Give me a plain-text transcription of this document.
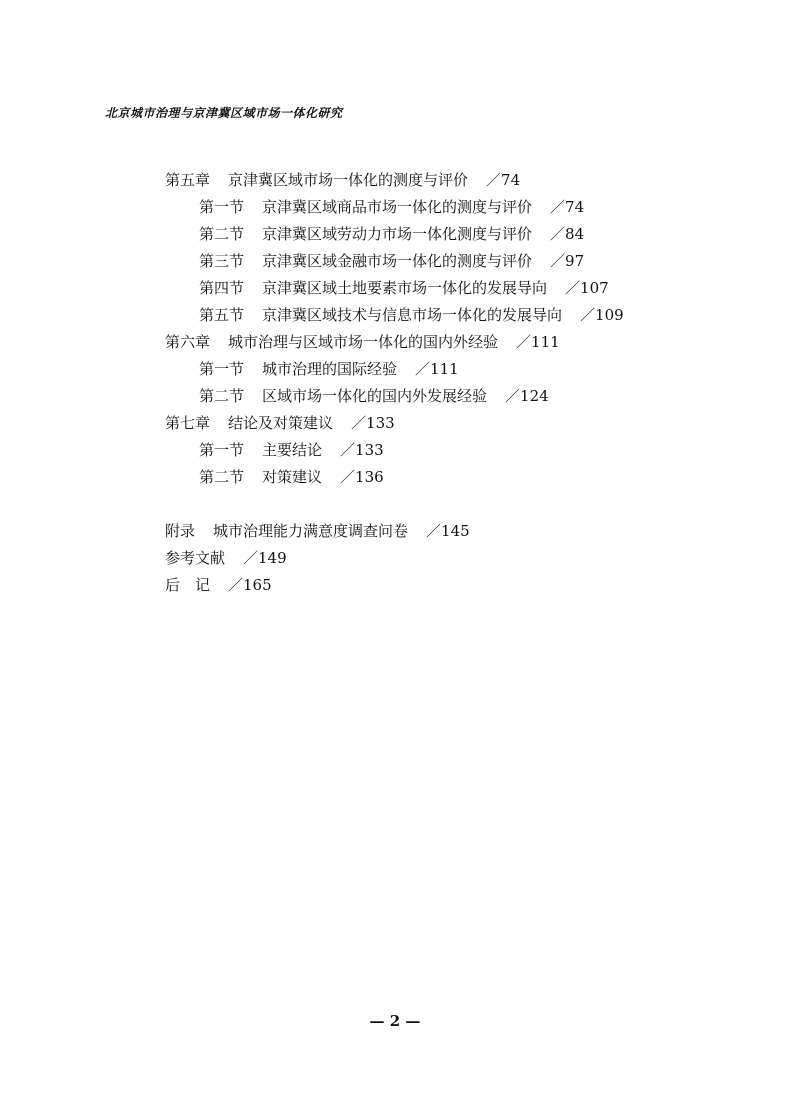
北京城市治理与京津冀区域市场一体化研究
第五章 京津冀区域市场一体化的测度与评价 ／74
第一节 京津冀区域商品市场一体化的测度与评价 ／74
第二节 京津冀区域劳动力市场一体化测度与评价 ／84
第三节 京津冀区域金融市场一体化的测度与评价 ／97
第四节 京津冀区域土地要素市场一体化的发展导向 ／107
第五节 京津冀区域技术与信息市场一体化的发展导向 ／109
第六章 城市治理与区域市场一体化的国内外经验 ／111
第一节 城市治理的国际经验 ／111
第二节 区域市场一体化的国内外发展经验 ／124
第七章 结论及对策建议 ／133
第一节 主要结论 ／133
第二节 对策建议 ／136
附录 城市治理能力满意度调查问卷 ／145
参考文献 ／149
后　记 ／165
— 2 —
